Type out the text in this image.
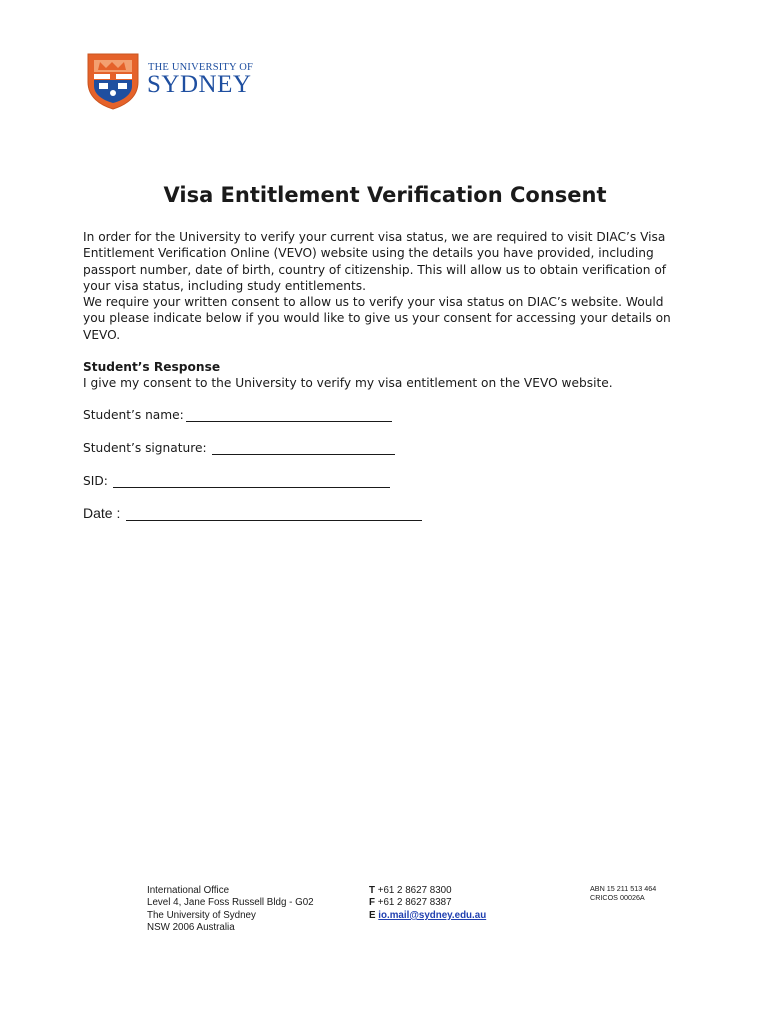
THE UNIVERSITY OF
SYDNEY
Visa Entitlement Verification Consent

In order for the University to verify your current visa status, we are required to visit DIAC’s Visa Entitlement Verification Online (VEVO) website using the details you have provided, including passport number, date of birth, country of citizenship. This will allow us to obtain verification of your visa status, including study entitlements.

We require your written consent to allow us to verify your visa status on DIAC’s website. Would you please indicate below if you would like to give us your consent for accessing your details on VEVO.

Student’s Response
I give my consent to the University to verify my visa entitlement on the VEVO website.
Student’s name:
Student’s signature:
SID:
Date :
International Office
Level 4, Jane Foss Russell Bldg - G02
The University of Sydney
NSW 2006 Australia
T +61 2 8627 8300
F +61 2 8627 8387
E io.mail@sydney.edu.au
ABN 15 211 513 464
CRICOS 00026A
